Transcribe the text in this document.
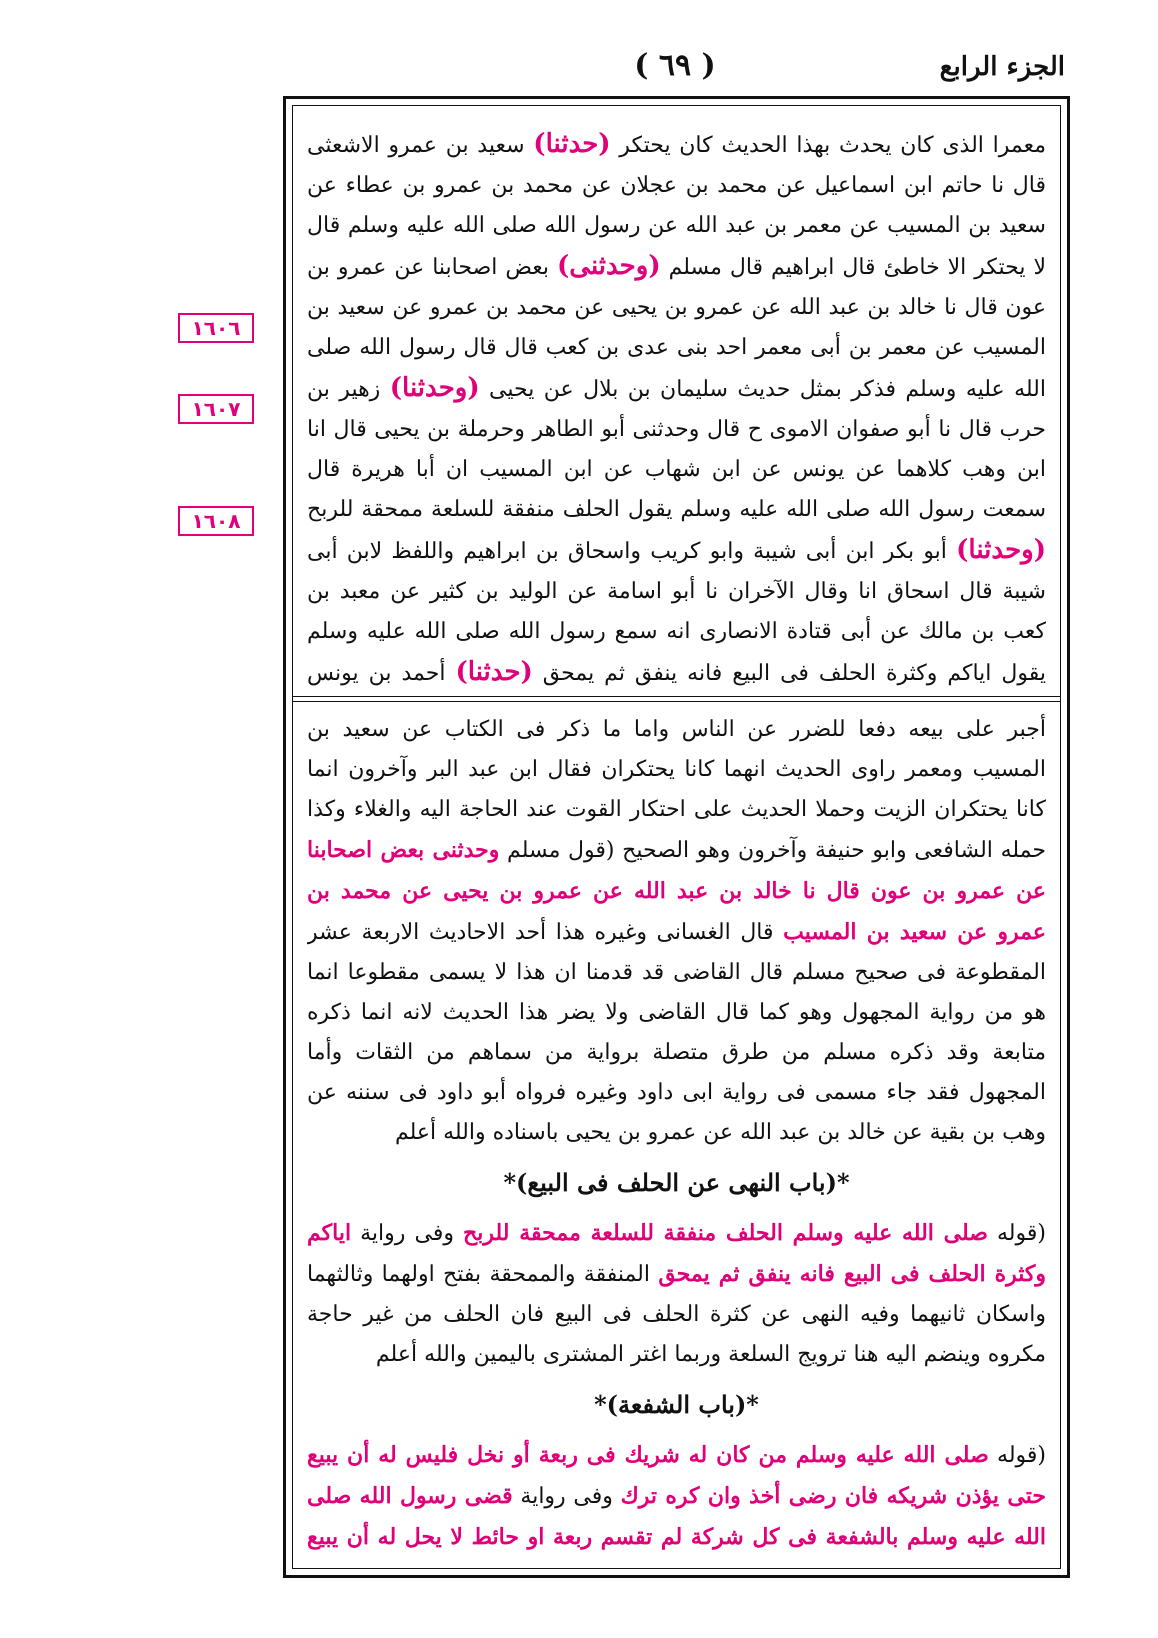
( ٦٩ )	الجزء الرابع
١٦٠٦
١٦٠٧
١٦٠٨

معمرا الذى كان يحدث بهذا الحديث كان يحتكر (حدثنا) سعيد بن عمرو الاشعثى قال نا حاتم ابن اسماعيل عن محمد بن عجلان عن محمد بن عمرو بن عطاء عن سعيد بن المسيب عن معمر بن عبد الله عن رسول الله صلى الله عليه وسلم قال لا يحتكر الا خاطئ قال ابراهيم قال مسلم (وحدثنى) بعض اصحابنا عن عمرو بن عون قال نا خالد بن عبد الله عن عمرو بن يحيى عن محمد بن عمرو عن سعيد بن المسيب عن معمر بن أبى معمر احد بنى عدى بن كعب قال قال رسول الله صلى الله عليه وسلم فذكر بمثل حديث سليمان بن بلال عن يحيى (وحدثنا) زهير بن حرب قال نا أبو صفوان الاموى ح قال وحدثنى أبو الطاهر وحرملة بن يحيى قال انا ابن وهب كلاهما عن يونس عن ابن شهاب عن ابن المسيب ان أبا هريرة قال سمعت رسول الله صلى الله عليه وسلم يقول الحلف منفقة للسلعة ممحقة للربح (وحدثنا) أبو بكر ابن أبى شيبة وابو كريب واسحاق بن ابراهيم واللفظ لابن أبى شيبة قال اسحاق انا وقال الآخران نا أبو اسامة عن الوليد بن كثير عن معبد بن كعب بن مالك عن أبى قتادة الانصارى انه سمع رسول الله صلى الله عليه وسلم يقول اياكم وكثرة الحلف فى البيع فانه ينفق ثم يمحق (حدثنا) أحمد بن يونس

أجبر على بيعه دفعا للضرر عن الناس واما ما ذكر فى الكتاب عن سعيد بن المسيب ومعمر راوى الحديث انهما كانا يحتكران فقال ابن عبد البر وآخرون انما كانا يحتكران الزيت وحملا الحديث على احتكار القوت عند الحاجة اليه والغلاء وكذا حمله الشافعى وابو حنيفة وآخرون وهو الصحيح (قول مسلم وحدثنى بعض اصحابنا عن عمرو بن عون قال نا خالد بن عبد الله عن عمرو بن يحيى عن محمد بن عمرو عن سعيد بن المسيب قال الغسانى وغيره هذا أحد الاحاديث الاربعة عشر المقطوعة فى صحيح مسلم قال القاضى قد قدمنا ان هذا لا يسمى مقطوعا انما هو من رواية المجهول وهو كما قال القاضى ولا يضر هذا الحديث لانه انما ذكره متابعة وقد ذكره مسلم من طرق متصلة برواية من سماهم من الثقات وأما المجهول فقد جاء مسمى فى رواية ابى داود وغيره فرواه أبو داود فى سننه عن وهب بن بقية عن خالد بن عبد الله عن عمرو بن يحيى باسناده والله أعلم

*(باب النهى عن الحلف فى البيع)*

(قوله صلى الله عليه وسلم الحلف منفقة للسلعة ممحقة للربح وفى رواية اياكم وكثرة الحلف فى البيع فانه ينفق ثم يمحق المنفقة والممحقة بفتح اولهما وثالثهما واسكان ثانيهما وفيه النهى عن كثرة الحلف فى البيع فان الحلف من غير حاجة مكروه وينضم اليه هنا ترويج السلعة وربما اغتر المشترى باليمين والله أعلم

*(باب الشفعة)*

(قوله صلى الله عليه وسلم من كان له شريك فى ربعة أو نخل فليس له أن يبيع حتى يؤذن شريكه فان رضى أخذ وان كره ترك وفى رواية قضى رسول الله صلى الله عليه وسلم بالشفعة فى كل شركة لم تقسم ربعة او حائط لا يحل له أن يبيع
